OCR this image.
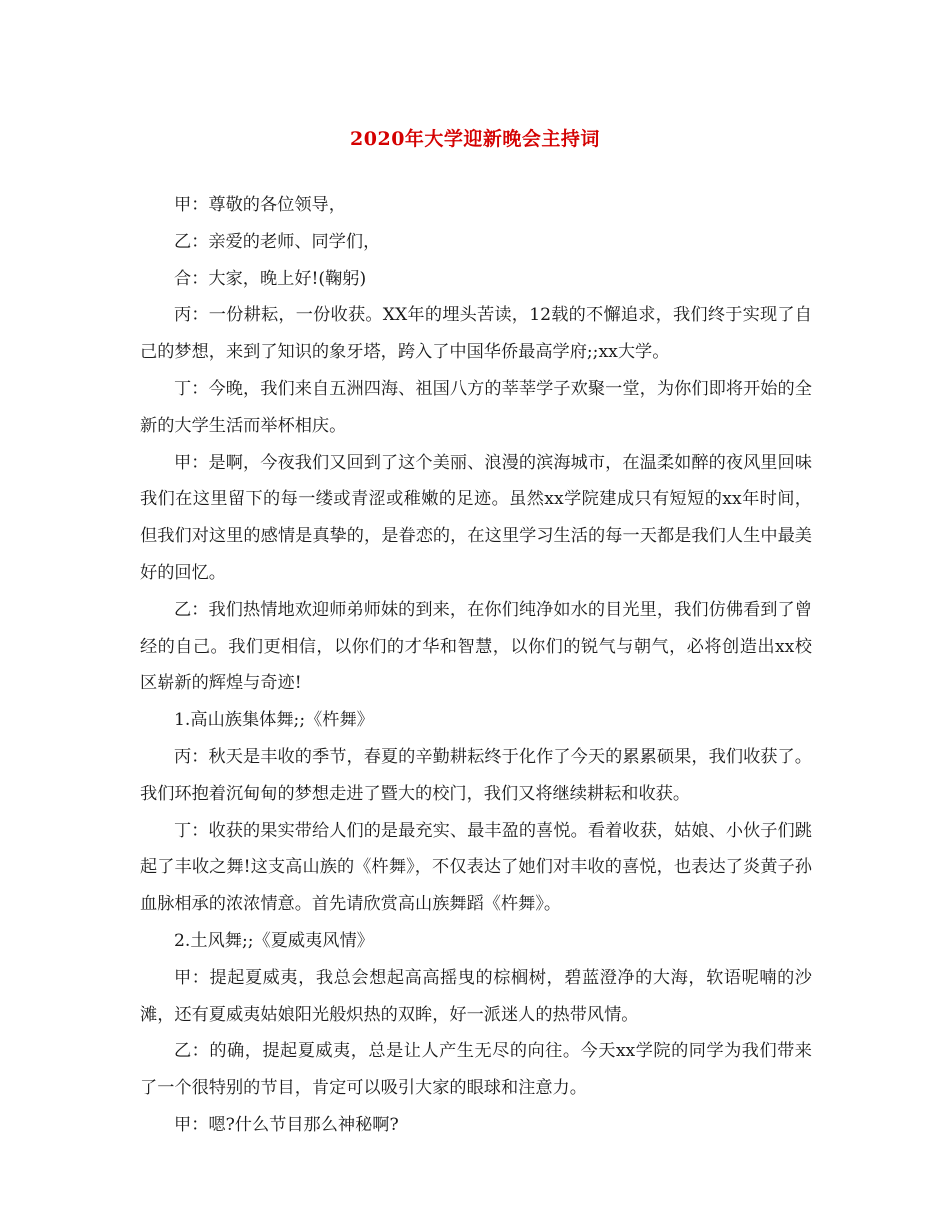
2020年大学迎新晚会主持词

甲：尊敬的各位领导，

乙：亲爱的老师、同学们，

合：大家，晚上好!(鞠躬)

丙：一份耕耘，一份收获。XX年的埋头苦读，12载的不懈追求，我们终于实现了自己的梦想，来到了知识的象牙塔，跨入了中国华侨最高学府;;xx大学。

丁：今晚，我们来自五洲四海、祖国八方的莘莘学子欢聚一堂，为你们即将开始的全新的大学生活而举杯相庆。

甲：是啊，今夜我们又回到了这个美丽、浪漫的滨海城市，在温柔如醉的夜风里回味我们在这里留下的每一缕或青涩或稚嫩的足迹。虽然xx学院建成只有短短的xx年时间，但我们对这里的感情是真挚的，是眷恋的，在这里学习生活的每一天都是我们人生中最美好的回忆。

乙：我们热情地欢迎师弟师妹的到来，在你们纯净如水的目光里，我们仿佛看到了曾经的自己。我们更相信，以你们的才华和智慧，以你们的锐气与朝气，必将创造出xx校区崭新的辉煌与奇迹!

1.高山族集体舞;;《杵舞》

丙：秋天是丰收的季节，春夏的辛勤耕耘终于化作了今天的累累硕果，我们收获了。我们环抱着沉甸甸的梦想走进了暨大的校门，我们又将继续耕耘和收获。

丁：收获的果实带给人们的是最充实、最丰盈的喜悦。看着收获，姑娘、小伙子们跳起了丰收之舞!这支高山族的《杵舞》，不仅表达了她们对丰收的喜悦，也表达了炎黄子孙血脉相承的浓浓情意。首先请欣赏高山族舞蹈《杵舞》。

2.土风舞;;《夏威夷风情》

甲：提起夏威夷，我总会想起高高摇曳的棕榈树，碧蓝澄净的大海，软语呢喃的沙滩，还有夏威夷姑娘阳光般炽热的双眸，好一派迷人的热带风情。

乙：的确，提起夏威夷，总是让人产生无尽的向往。今天xx学院的同学为我们带来了一个很特别的节目，肯定可以吸引大家的眼球和注意力。

甲：嗯?什么节目那么神秘啊?
